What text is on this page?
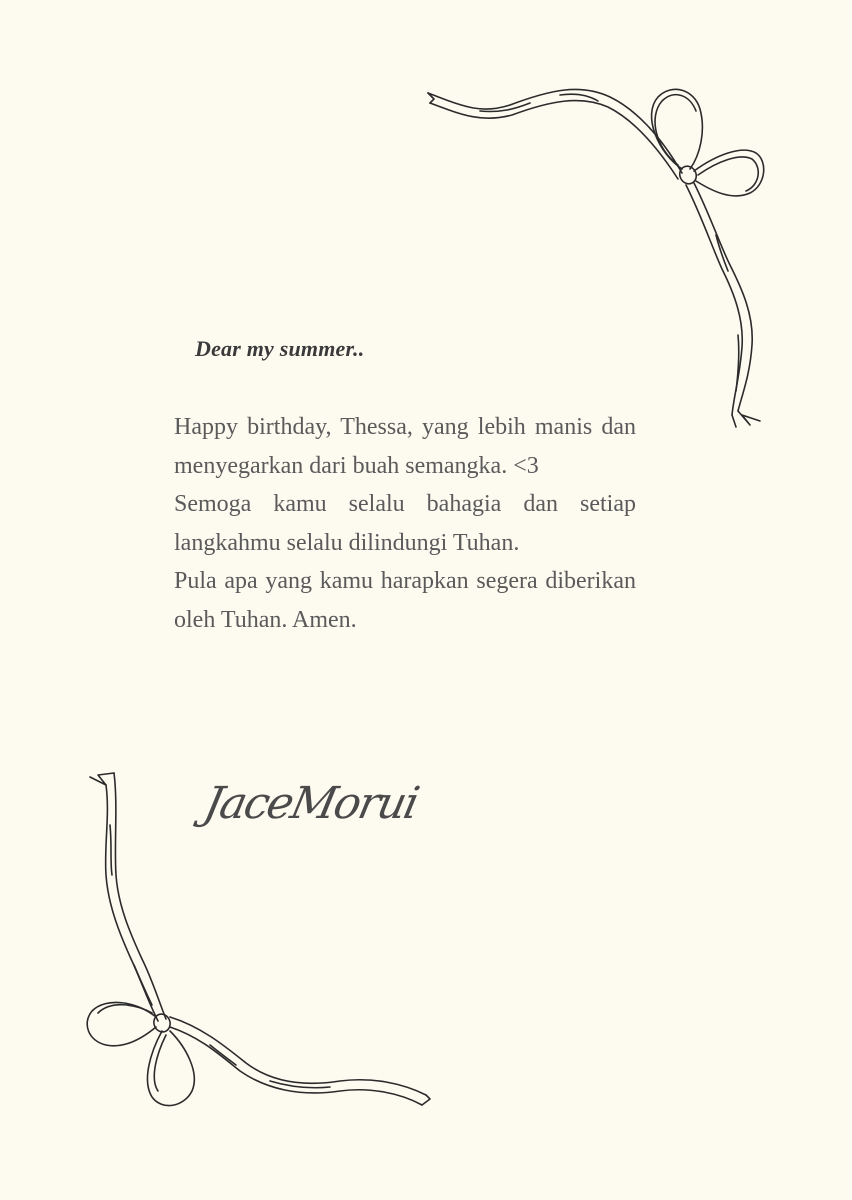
Dear my summer..

Happy birthday, Thessa, yang lebih manis dan menyegarkan dari buah semangka. <3

Semoga kamu selalu bahagia dan setiap langkahmu selalu dilindungi Tuhan.

Pula apa yang kamu harapkan segera diberikan oleh Tuhan. Amen.

JaceMorui
